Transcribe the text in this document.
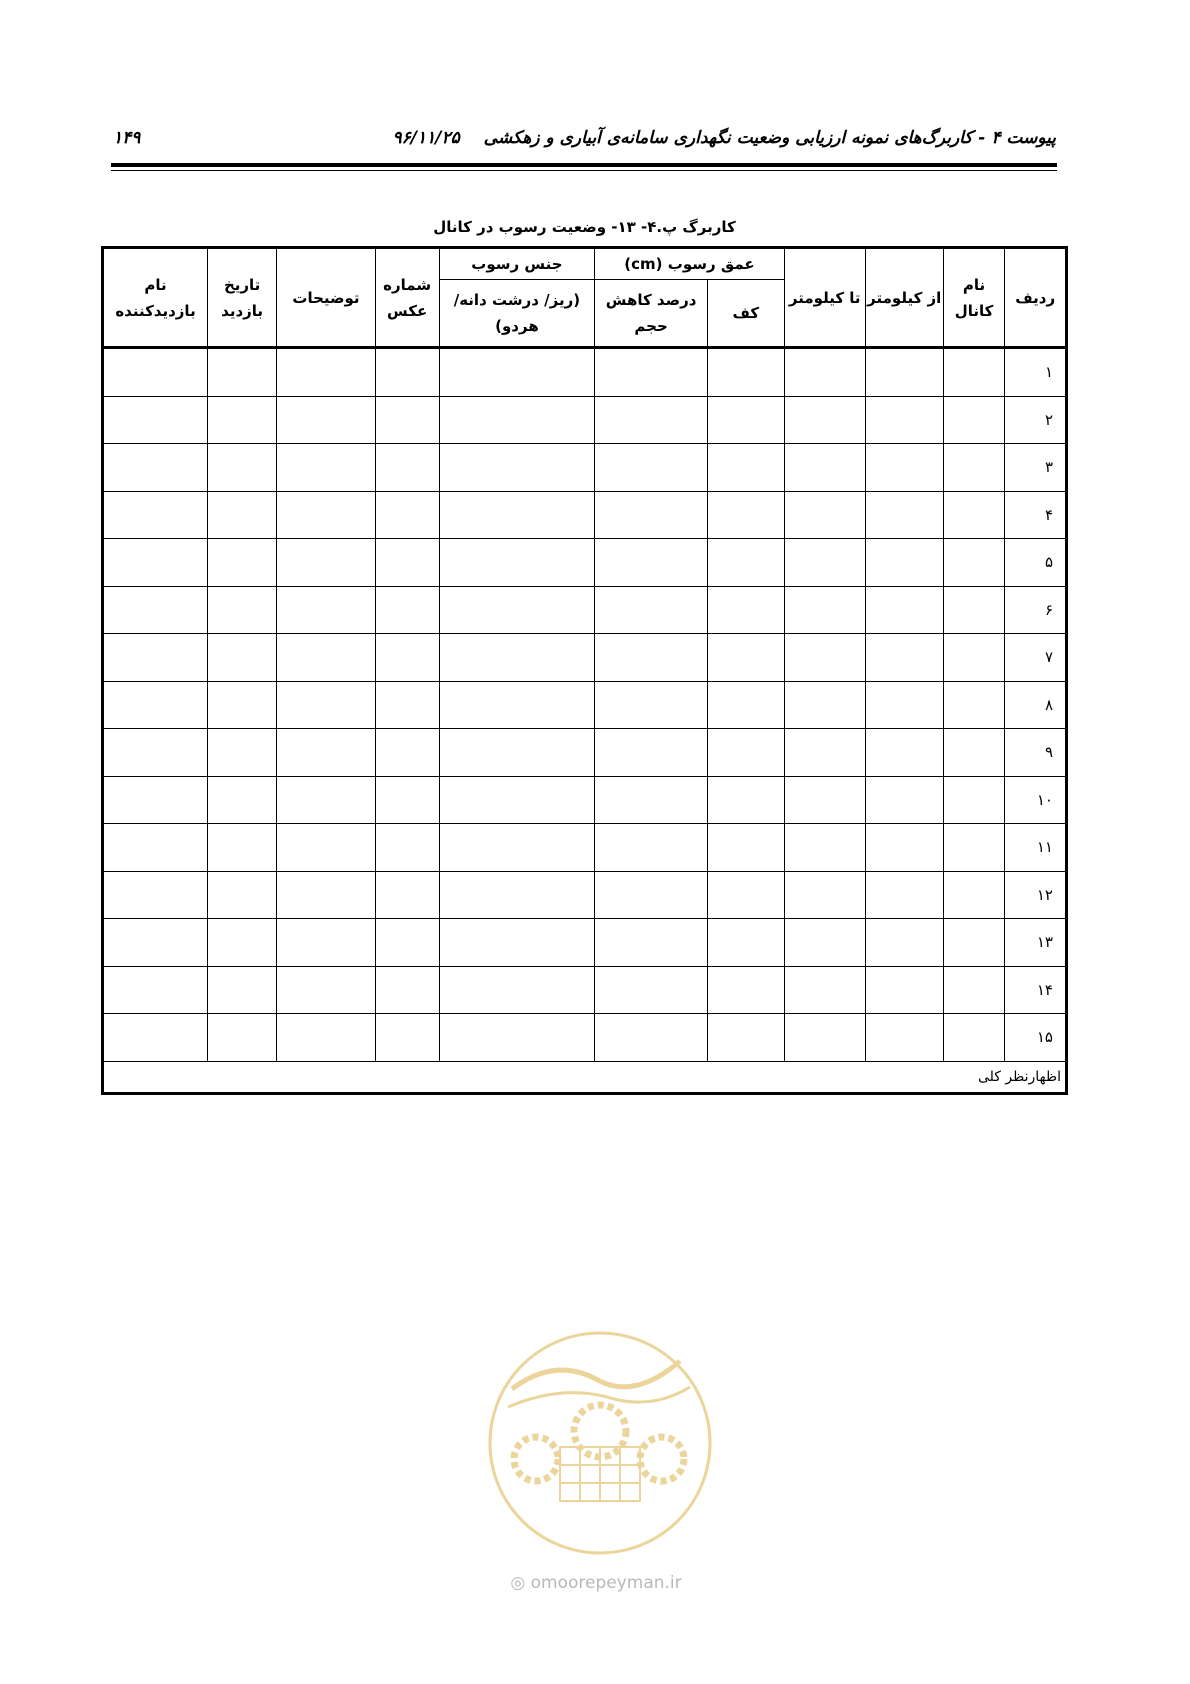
پیوست ۴ - کاربرگ‌های نمونه ارزیابی وضعیت نگهداری سامانه‌ی آبیاری و زهکشی ۹۶/۱۱/۲۵
۱۴۹
کاربرگ پ.۴- ۱۳- وضعیت رسوب در کانال
ردیف	نام کانال	از کیلومتر	تا کیلومتر	عمق رسوب (cm)		جنس رسوب	شماره عکس	توضیحات	تاریخ بازدید	نام بازدیدکننده
				کف	درصد کاهش حجم	(ریز/ درشت دانه/هردو)				
۱										
۲										
۳										
۴										
۵										
۶										
۷										
۸										
۹										
۱۰										
۱۱										
۱۲										
۱۳										
۱۴										
۱۵										
اظهارنظر کلی										
◎ omoorepeyman.ir
